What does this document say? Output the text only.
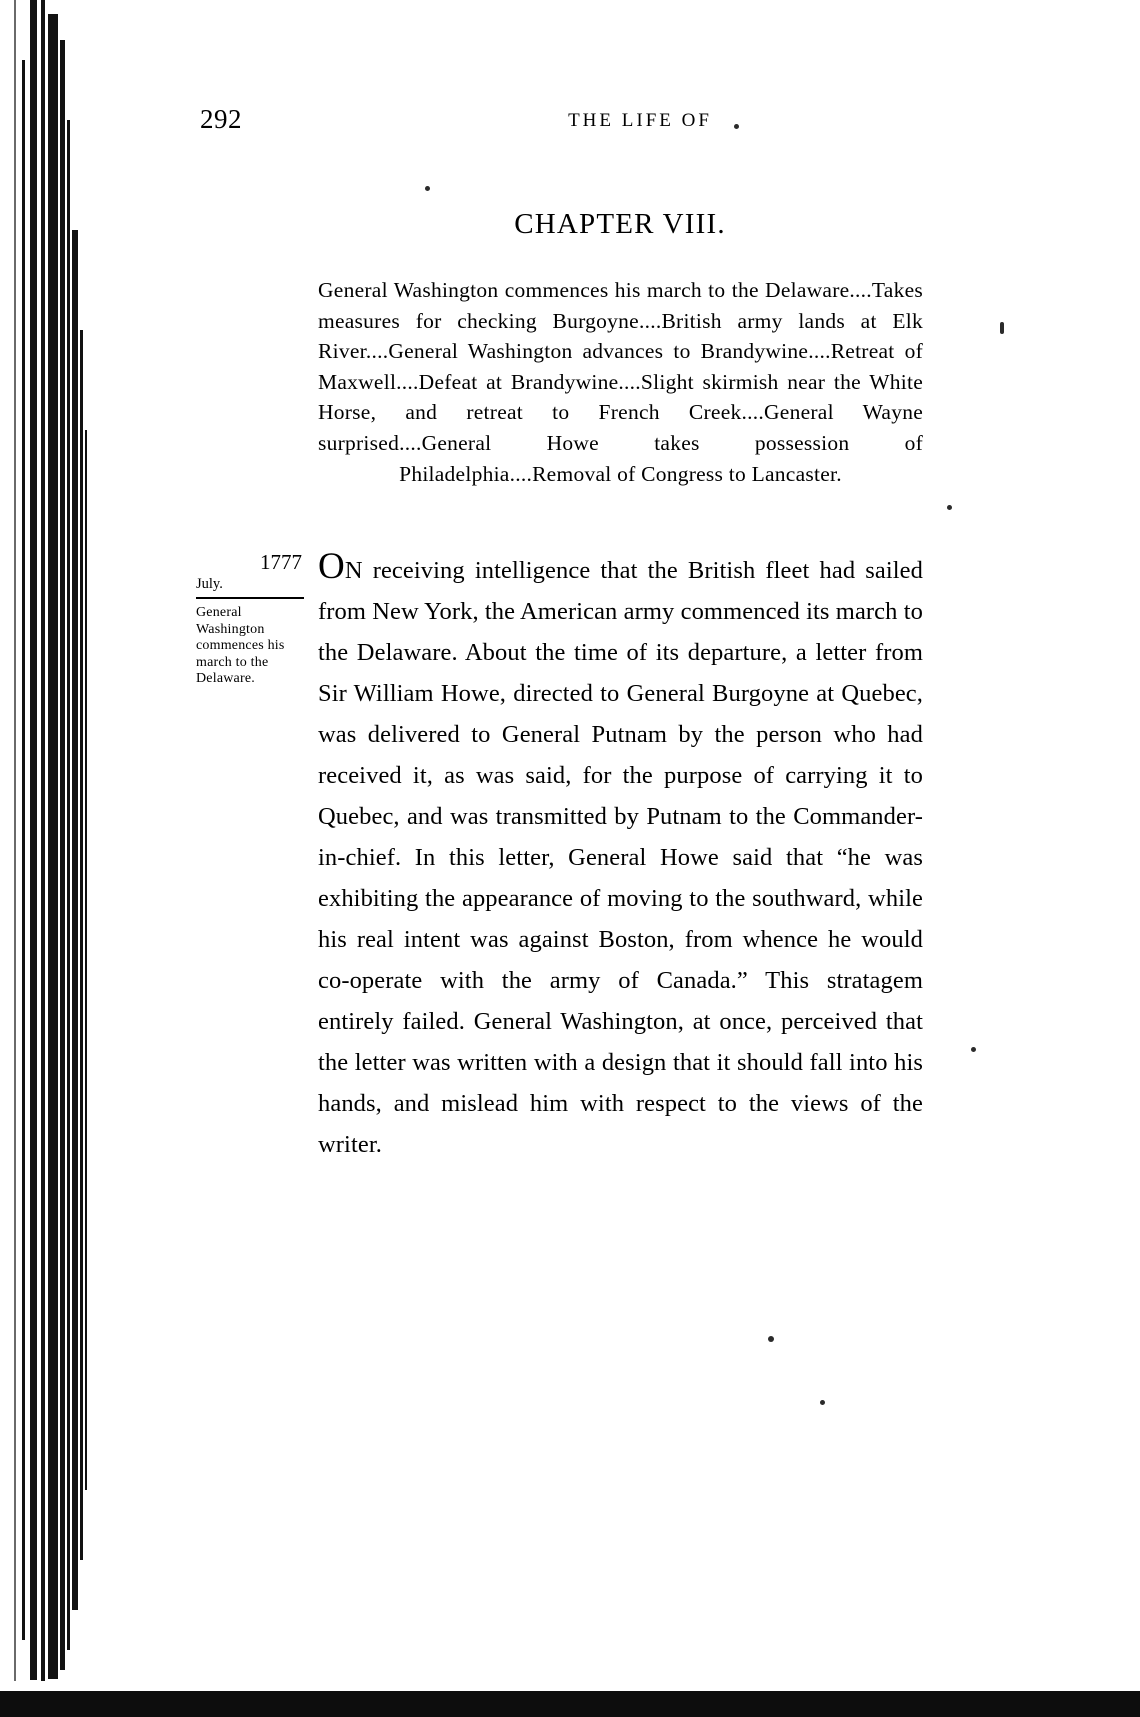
292	THE LIFE OF
CHAPTER VIII.
General Washington commences his march to the Delaware....Takes measures for checking Burgoyne....British army lands at Elk River....General Washington advances to Brandywine....Retreat of Maxwell....Defeat at Brandywine....Slight skirmish near the White Horse, and retreat to French Creek....General Wayne surprised....General Howe takes possession of Philadelphia....Removal of Congress to Lancaster.
1777
July.
General Washington commences his march to the Delaware.
ON receiving intelligence that the British fleet had sailed from New York, the American army commenced its march to the Delaware. About the time of its departure, a letter from Sir William Howe, directed to General Burgoyne at Quebec, was delivered to General Putnam by the person who had received it, as was said, for the purpose of carrying it to Quebec, and was transmitted by Putnam to the Commander-in-chief. In this letter, General Howe said that “he was exhibiting the appearance of moving to the southward, while his real intent was against Boston, from whence he would co-operate with the army of Canada.” This stratagem entirely failed. General Washington, at once, perceived that the letter was written with a design that it should fall into his hands, and mislead him with respect to the views of the writer.
